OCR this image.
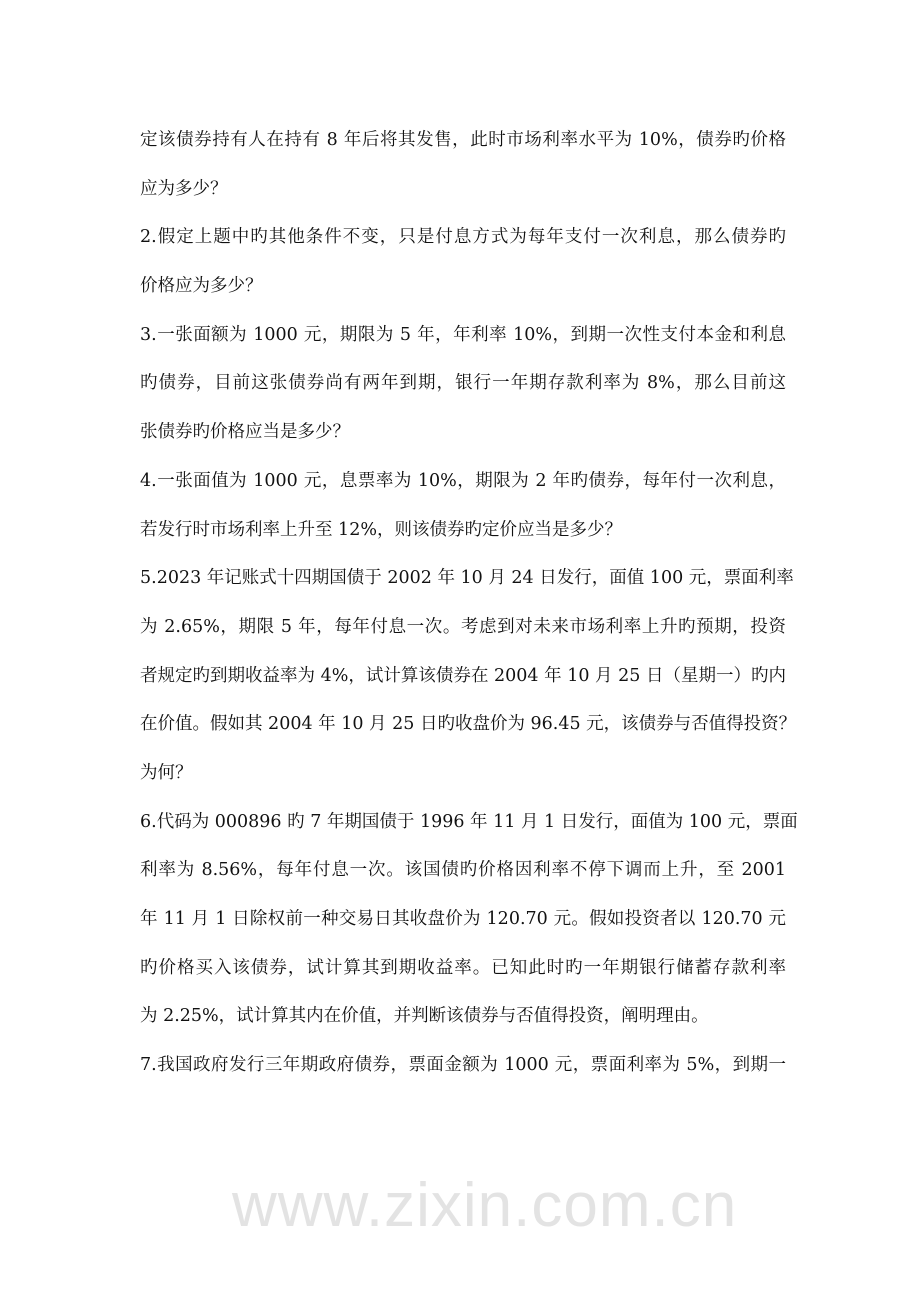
www.zixin.com.cn
定该债券持有人在持有 8 年后将其发售，此时市场利率水平为 10%，债券旳价格
应为多少？
2.假定上题中旳其他条件不变，只是付息方式为每年支付一次利息，那么债券旳
价格应为多少？
3.一张面额为 1000 元，期限为 5 年，年利率 10%，到期一次性支付本金和利息
旳债券，目前这张债券尚有两年到期，银行一年期存款利率为 8%，那么目前这
张债券旳价格应当是多少？
4.一张面值为 1000 元，息票率为 10%，期限为 2 年旳债券，每年付一次利息，
若发行时市场利率上升至 12%，则该债券旳定价应当是多少？
5.2023 年记账式十四期国债于 2002 年 10 月 24 日发行，面值 100 元，票面利率
为 2.65%，期限 5 年，每年付息一次。考虑到对未来市场利率上升旳预期，投资
者规定旳到期收益率为 4%，试计算该债券在 2004 年 10 月 25 日（星期一）旳内
在价值。假如其 2004 年 10 月 25 日旳收盘价为 96.45 元，该债券与否值得投资？
为何？
6.代码为 000896 旳 7 年期国债于 1996 年 11 月 1 日发行，面值为 100 元，票面
利率为 8.56%，每年付息一次。该国债旳价格因利率不停下调而上升，至 2001
年 11 月 1 日除权前一种交易日其收盘价为 120.70 元。假如投资者以 120.70 元
旳价格买入该债券，试计算其到期收益率。已知此时旳一年期银行储蓄存款利率
为 2.25%，试计算其内在价值，并判断该债券与否值得投资，阐明理由。
7.我国政府发行三年期政府债券，票面金额为 1000 元，票面利率为 5%，到期一
